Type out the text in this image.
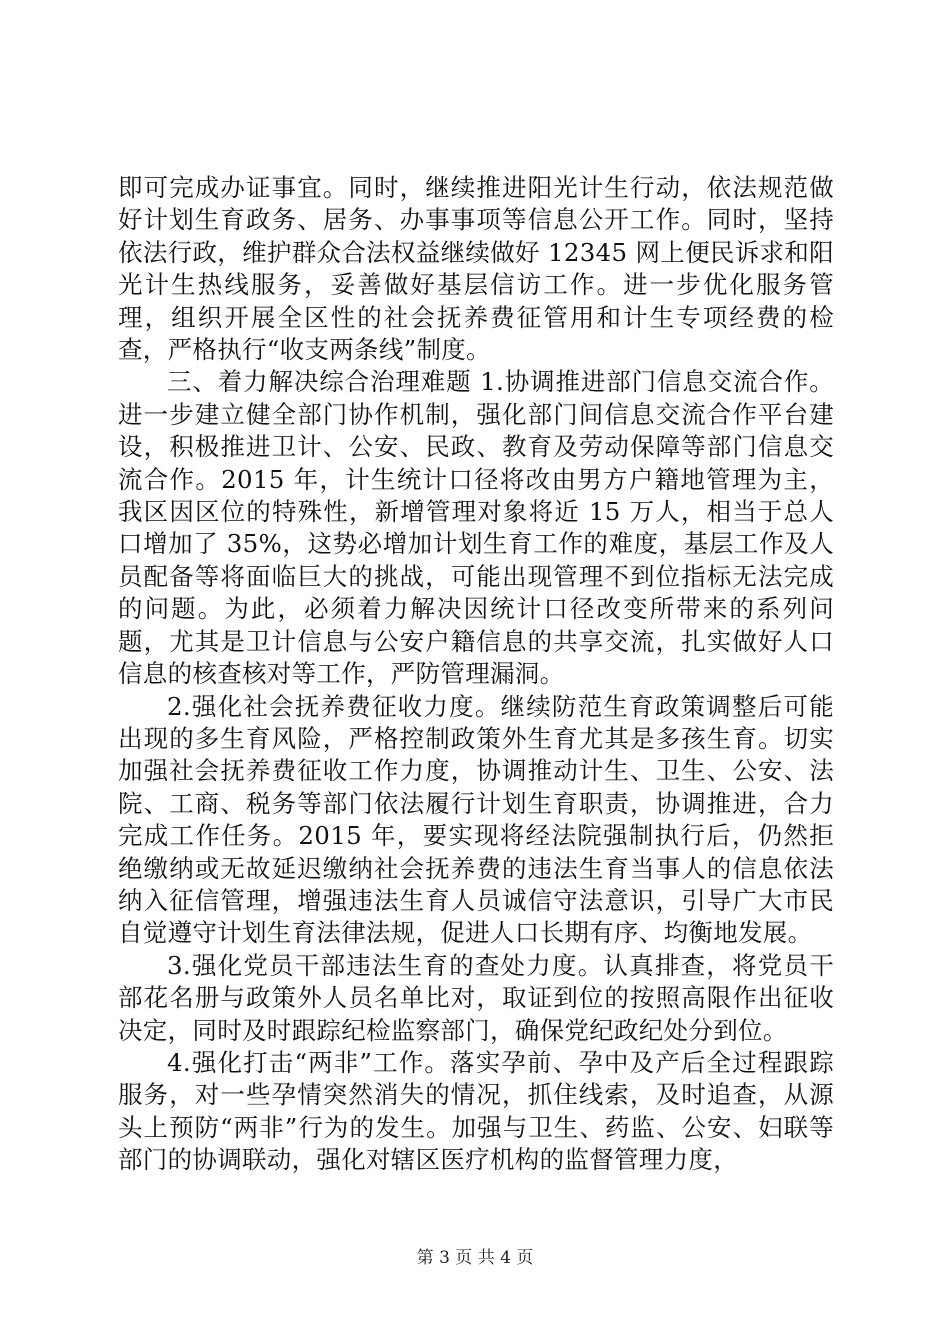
即可完成办证事宜。同时，继续推进阳光计生行动，依法规范做好计划生育政务、居务、办事事项等信息公开工作。同时，坚持依法行政，维护群众合法权益继续做好 12345 网上便民诉求和阳光计生热线服务，妥善做好基层信访工作。进一步优化服务管理，组织开展全区性的社会抚养费征管用和计生专项经费的检查，严格执行“收支两条线”制度。

三、着力解决综合治理难题 1.协调推进部门信息交流合作。进一步建立健全部门协作机制，强化部门间信息交流合作平台建设，积极推进卫计、公安、民政、教育及劳动保障等部门信息交流合作。2015 年，计生统计口径将改由男方户籍地管理为主，我区因区位的特殊性，新增管理对象将近 15 万人，相当于总人口增加了 35%，这势必增加计划生育工作的难度，基层工作及人员配备等将面临巨大的挑战，可能出现管理不到位指标无法完成的问题。为此，必须着力解决因统计口径改变所带来的系列问题，尤其是卫计信息与公安户籍信息的共享交流，扎实做好人口信息的核查核对等工作，严防管理漏洞。

2.强化社会抚养费征收力度。继续防范生育政策调整后可能出现的多生育风险，严格控制政策外生育尤其是多孩生育。切实加强社会抚养费征收工作力度，协调推动计生、卫生、公安、法院、工商、税务等部门依法履行计划生育职责，协调推进，合力完成工作任务。2015 年，要实现将经法院强制执行后，仍然拒绝缴纳或无故延迟缴纳社会抚养费的违法生育当事人的信息依法纳入征信管理，增强违法生育人员诚信守法意识，引导广大市民自觉遵守计划生育法律法规，促进人口长期有序、均衡地发展。

3.强化党员干部违法生育的查处力度。认真排查，将党员干部花名册与政策外人员名单比对，取证到位的按照高限作出征收决定，同时及时跟踪纪检监察部门，确保党纪政纪处分到位。

4.强化打击“两非”工作。落实孕前、孕中及产后全过程跟踪服务，对一些孕情突然消失的情况，抓住线索，及时追查，从源头上预防“两非”行为的发生。加强与卫生、药监、公安、妇联等部门的协调联动，强化对辖区医疗机构的监督管理力度，

第 3 页 共 4 页
